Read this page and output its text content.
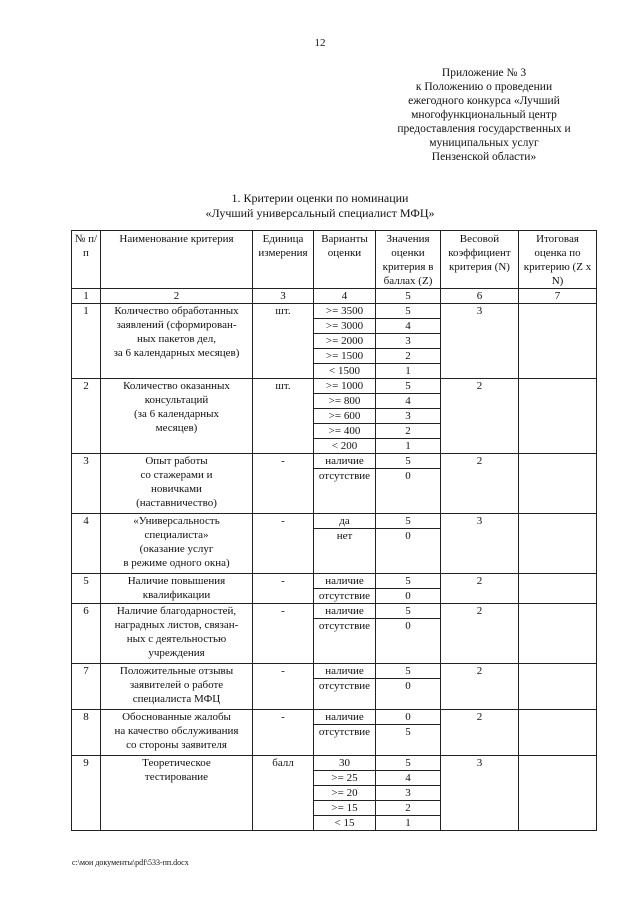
12
Приложение № 3
к Положению о проведении
ежегодного конкурса «Лучший
многофункциональный центр
предоставления государственных и
муниципальных услуг
Пензенской области»
1. Критерии оценки по номинации
«Лучший универсальный специалист МФЦ»
№ п/п	Наименование критерия	Единица измерения	Варианты оценки	Значения оценки критерия в баллах (Z)	Весовой коэффициент критерия (N)	Итоговая оценка по критерию (Z x N)
1	2	3	4	5	6	7
1	Количество обработанных
заявлений (сформирован-
ных пакетов дел,
за 6 календарных месяцев)	шт.	>= 3500	5	3	
			>= 3000	4		
			>= 2000	3		
			>= 1500	2		
			< 1500	1		
2	Количество оказанных
консультаций
(за 6 календарных
месяцев)	шт.	>= 1000	5	2	
			>= 800	4		
			>= 600	3		
			>= 400	2		
			< 200	1		
3	Опыт работы
со стажерами и
новичками
(наставничество)	-	наличие	5	2	
			отсутствие	0		
4	«Универсальность
специалиста»
(оказание услуг
в режиме одного окна)	-	да	5	3	
			нет	0		
5	Наличие повышения
квалификации	-	наличие	5	2	
			отсутствие	0		
6	Наличие благодарностей,
наградных листов, связан-
ных с деятельностью
учреждения	-	наличие	5	2	
			отсутствие	0		
7	Положительные отзывы
заявителей о работе
специалиста МФЦ	-	наличие	5	2	
			отсутствие	0		
8	Обоснованные жалобы
на качество обслуживания
со стороны заявителя	-	наличие	0	2	
			отсутствие	5		
9	Теоретическое
тестирование	балл	30	5	3	
			>= 25	4		
			>= 20	3		
			>= 15	2		
			< 15	1		
c:\мои документы\pdf\533-пп.docx
